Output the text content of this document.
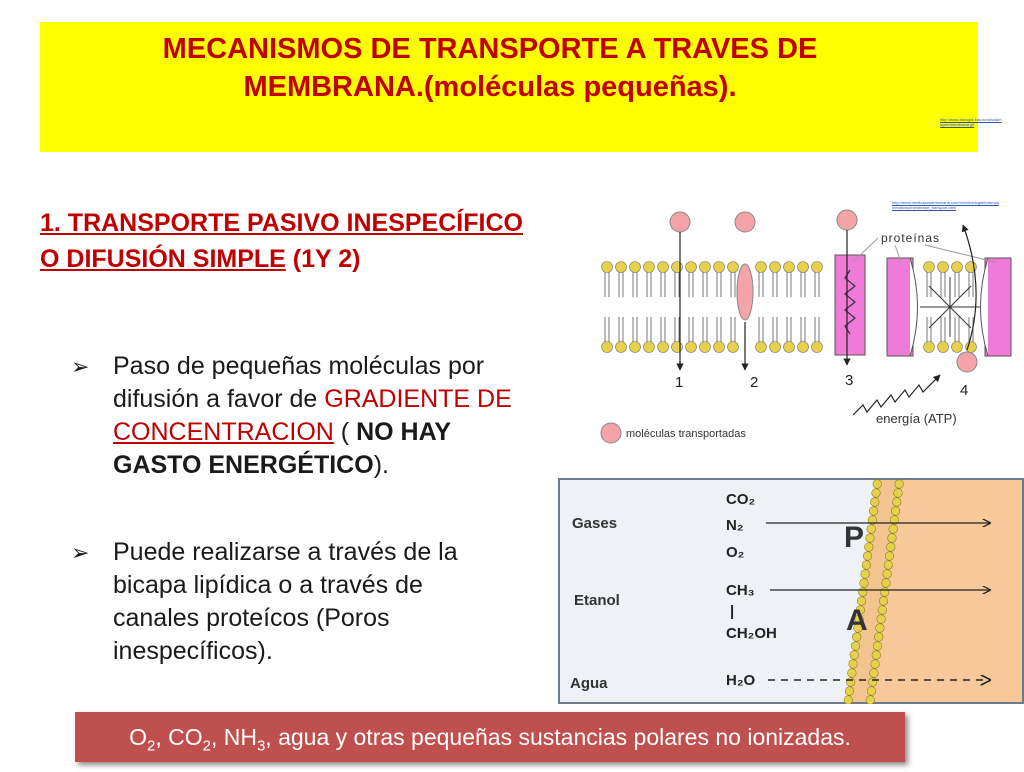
MECANISMOS DE TRANSPORTE A TRAVES DE
MEMBRANA.(moléculas pequeñas).
http://www.biologia.edu.ar/celulaim
ages/membrana.gif
1. TRANSPORTE PASIVO INESPECÍFICO
O DIFUSIÓN SIMPLE (1Y 2)
➢ Paso de pequeñas moléculas por
difusión a favor de GRADIENTE DE
CONCENTRACION ( NO HAY
GASTO ENERGÉTICO).
➢ Puede realizarse a través de la
bicapa lipídica o a través de
canales proteícos (Poros
inespecíficos).
http://www.medicapanamericana.com/microbiologia/tortora/a
nimations/membrane_transport.html
proteínas
1	2	3
4
energía (ATP)
moléculas transportadas
Gases
CO₂
N₂
O₂
Etanol
CH₃
|
CH₂OH
Agua	H₂O
P
A
$O_2$, $CO_2$, $NH_3$, agua y otras pequeñas sustancias polares no ionizadas.
